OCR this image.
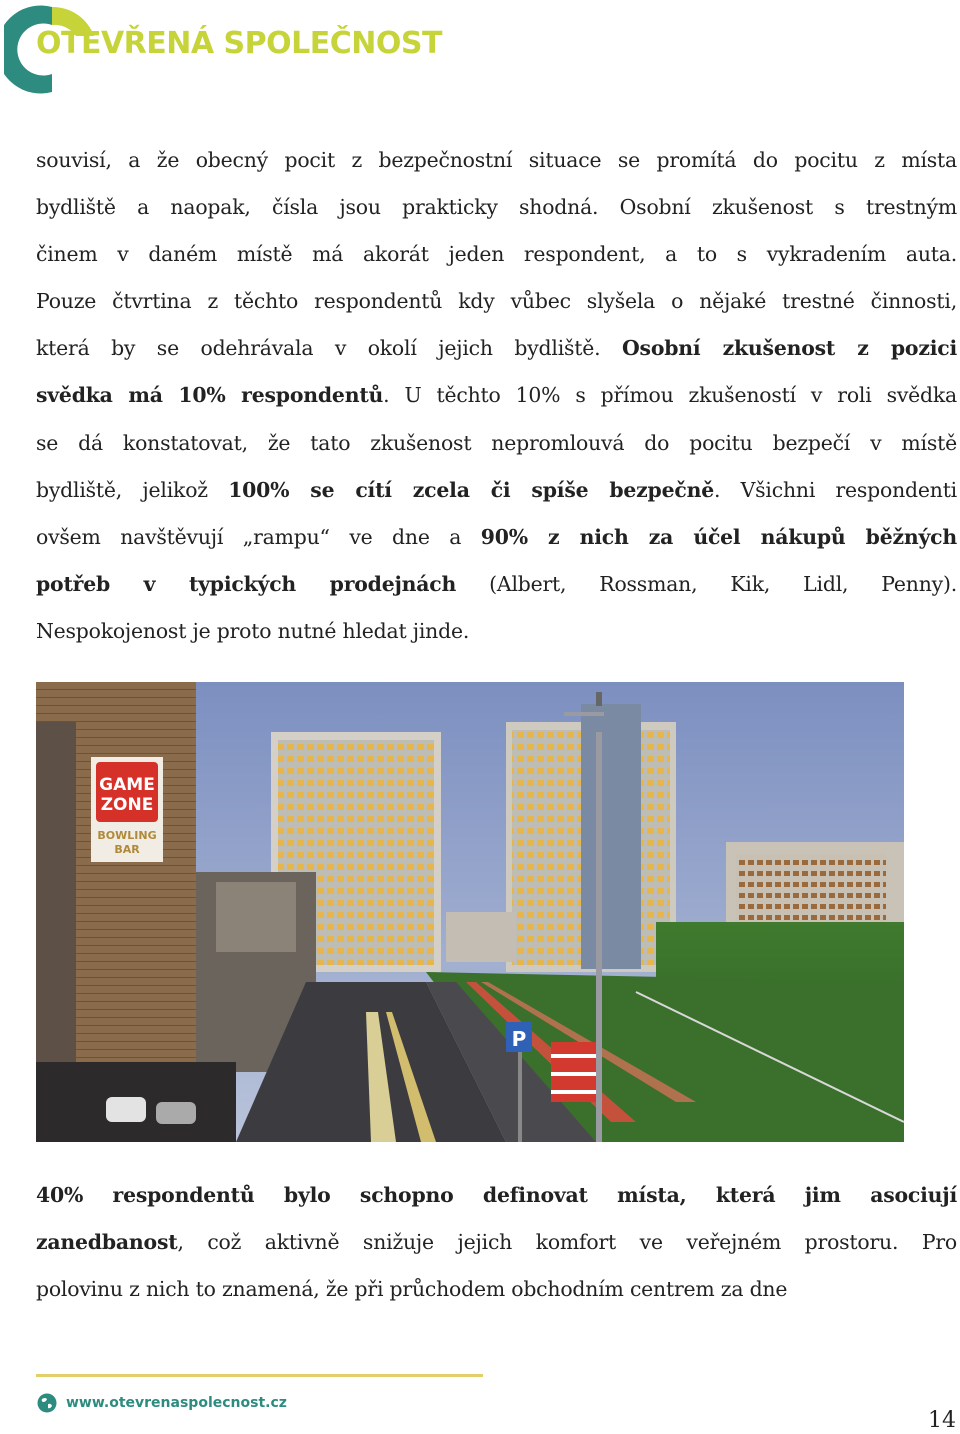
OTEVŘENÁ SPOLEČNOST
souvisí, a že obecný pocit z bezpečnostní situace se promítá do pocitu z místa
bydliště a naopak, čísla jsou prakticky shodná. Osobní zkušenost s trestným
činem v daném místě má akorát jeden respondent, a to s vykradením auta.
Pouze čtvrtina z těchto respondentů kdy vůbec slyšela o nějaké trestné činnosti,
která by se odehrávala v okolí jejich bydliště. Osobní zkušenost z pozici
svědka má 10% respondentů. U těchto 10% s přímou zkušeností v roli svědka
se dá konstatovat, že tato zkušenost nepromlouvá do pocitu bezpečí v místě
bydliště, jelikož 100% se cítí zcela či spíše bezpečně. Všichni respondenti
ovšem navštěvují „rampu“ ve dne a 90% z nich za účel nákupů běžných
potřeb v typických prodejnách (Albert, Rossman, Kik, Lidl, Penny).
Nespokojenost je proto nutné hledat jinde.
GAME
ZONE
BOWLING
BAR
P
40% respondentů bylo schopno definovat místa, která jim asociují
zanedbanost, což aktivně snižuje jejich komfort ve veřejném prostoru. Pro
polovinu z nich to znamená, že při průchodem obchodním centrem za dne
www.otevrenaspolecnost.cz
14
